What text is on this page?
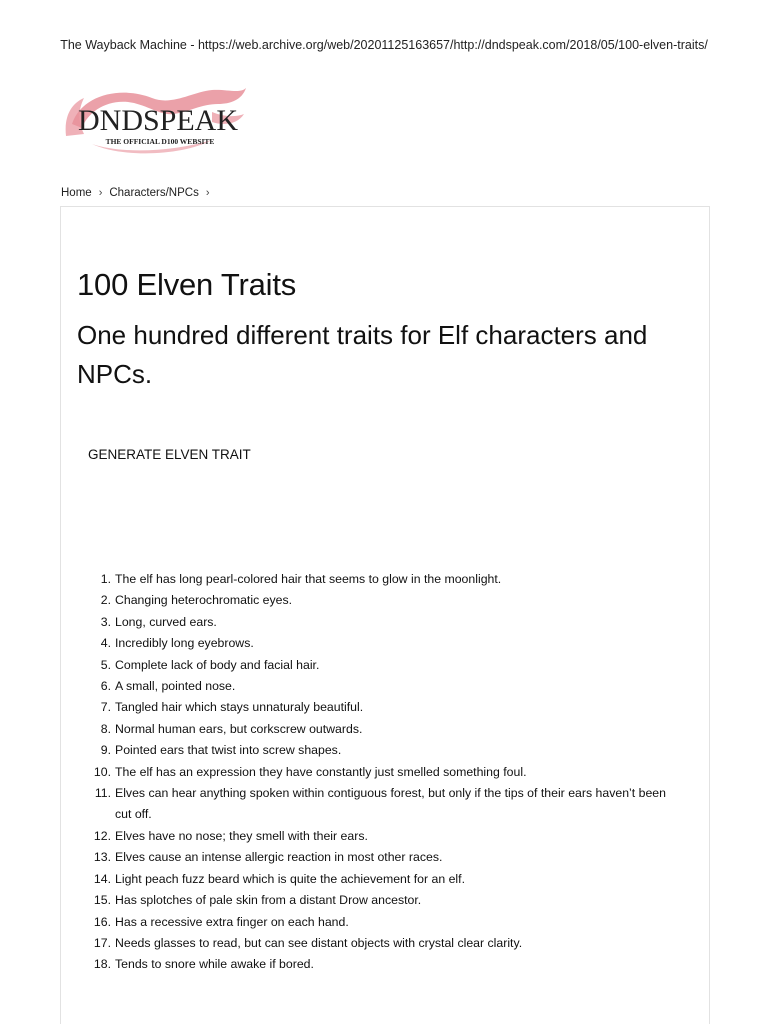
The Wayback Machine - https://web.archive.org/web/20201125163657/http://dndspeak.com/2018/05/100-elven-traits/
DNDSPEAK
THE OFFICIAL D100 WEBSITE
Home › Characters/NPCs ›
100 Elven Traits
One hundred different traits for Elf characters and NPCs.
GENERATE ELVEN TRAIT
1. The elf has long pearl-colored hair that seems to glow in the moonlight.
2. Changing heterochromatic eyes.
3. Long, curved ears.
4. Incredibly long eyebrows.
5. Complete lack of body and facial hair.
6. A small, pointed nose.
7. Tangled hair which stays unnaturaly beautiful.
8. Normal human ears, but corkscrew outwards.
9. Pointed ears that twist into screw shapes.
10. The elf has an expression they have constantly just smelled something foul.
11. Elves can hear anything spoken within contiguous forest, but only if the tips of their ears haven’t been cut off.
12. Elves have no nose; they smell with their ears.
13. Elves cause an intense allergic reaction in most other races.
14. Light peach fuzz beard which is quite the achievement for an elf.
15. Has splotches of pale skin from a distant Drow ancestor.
16. Has a recessive extra finger on each hand.
17. Needs glasses to read, but can see distant objects with crystal clear clarity.
18. Tends to snore while awake if bored.
